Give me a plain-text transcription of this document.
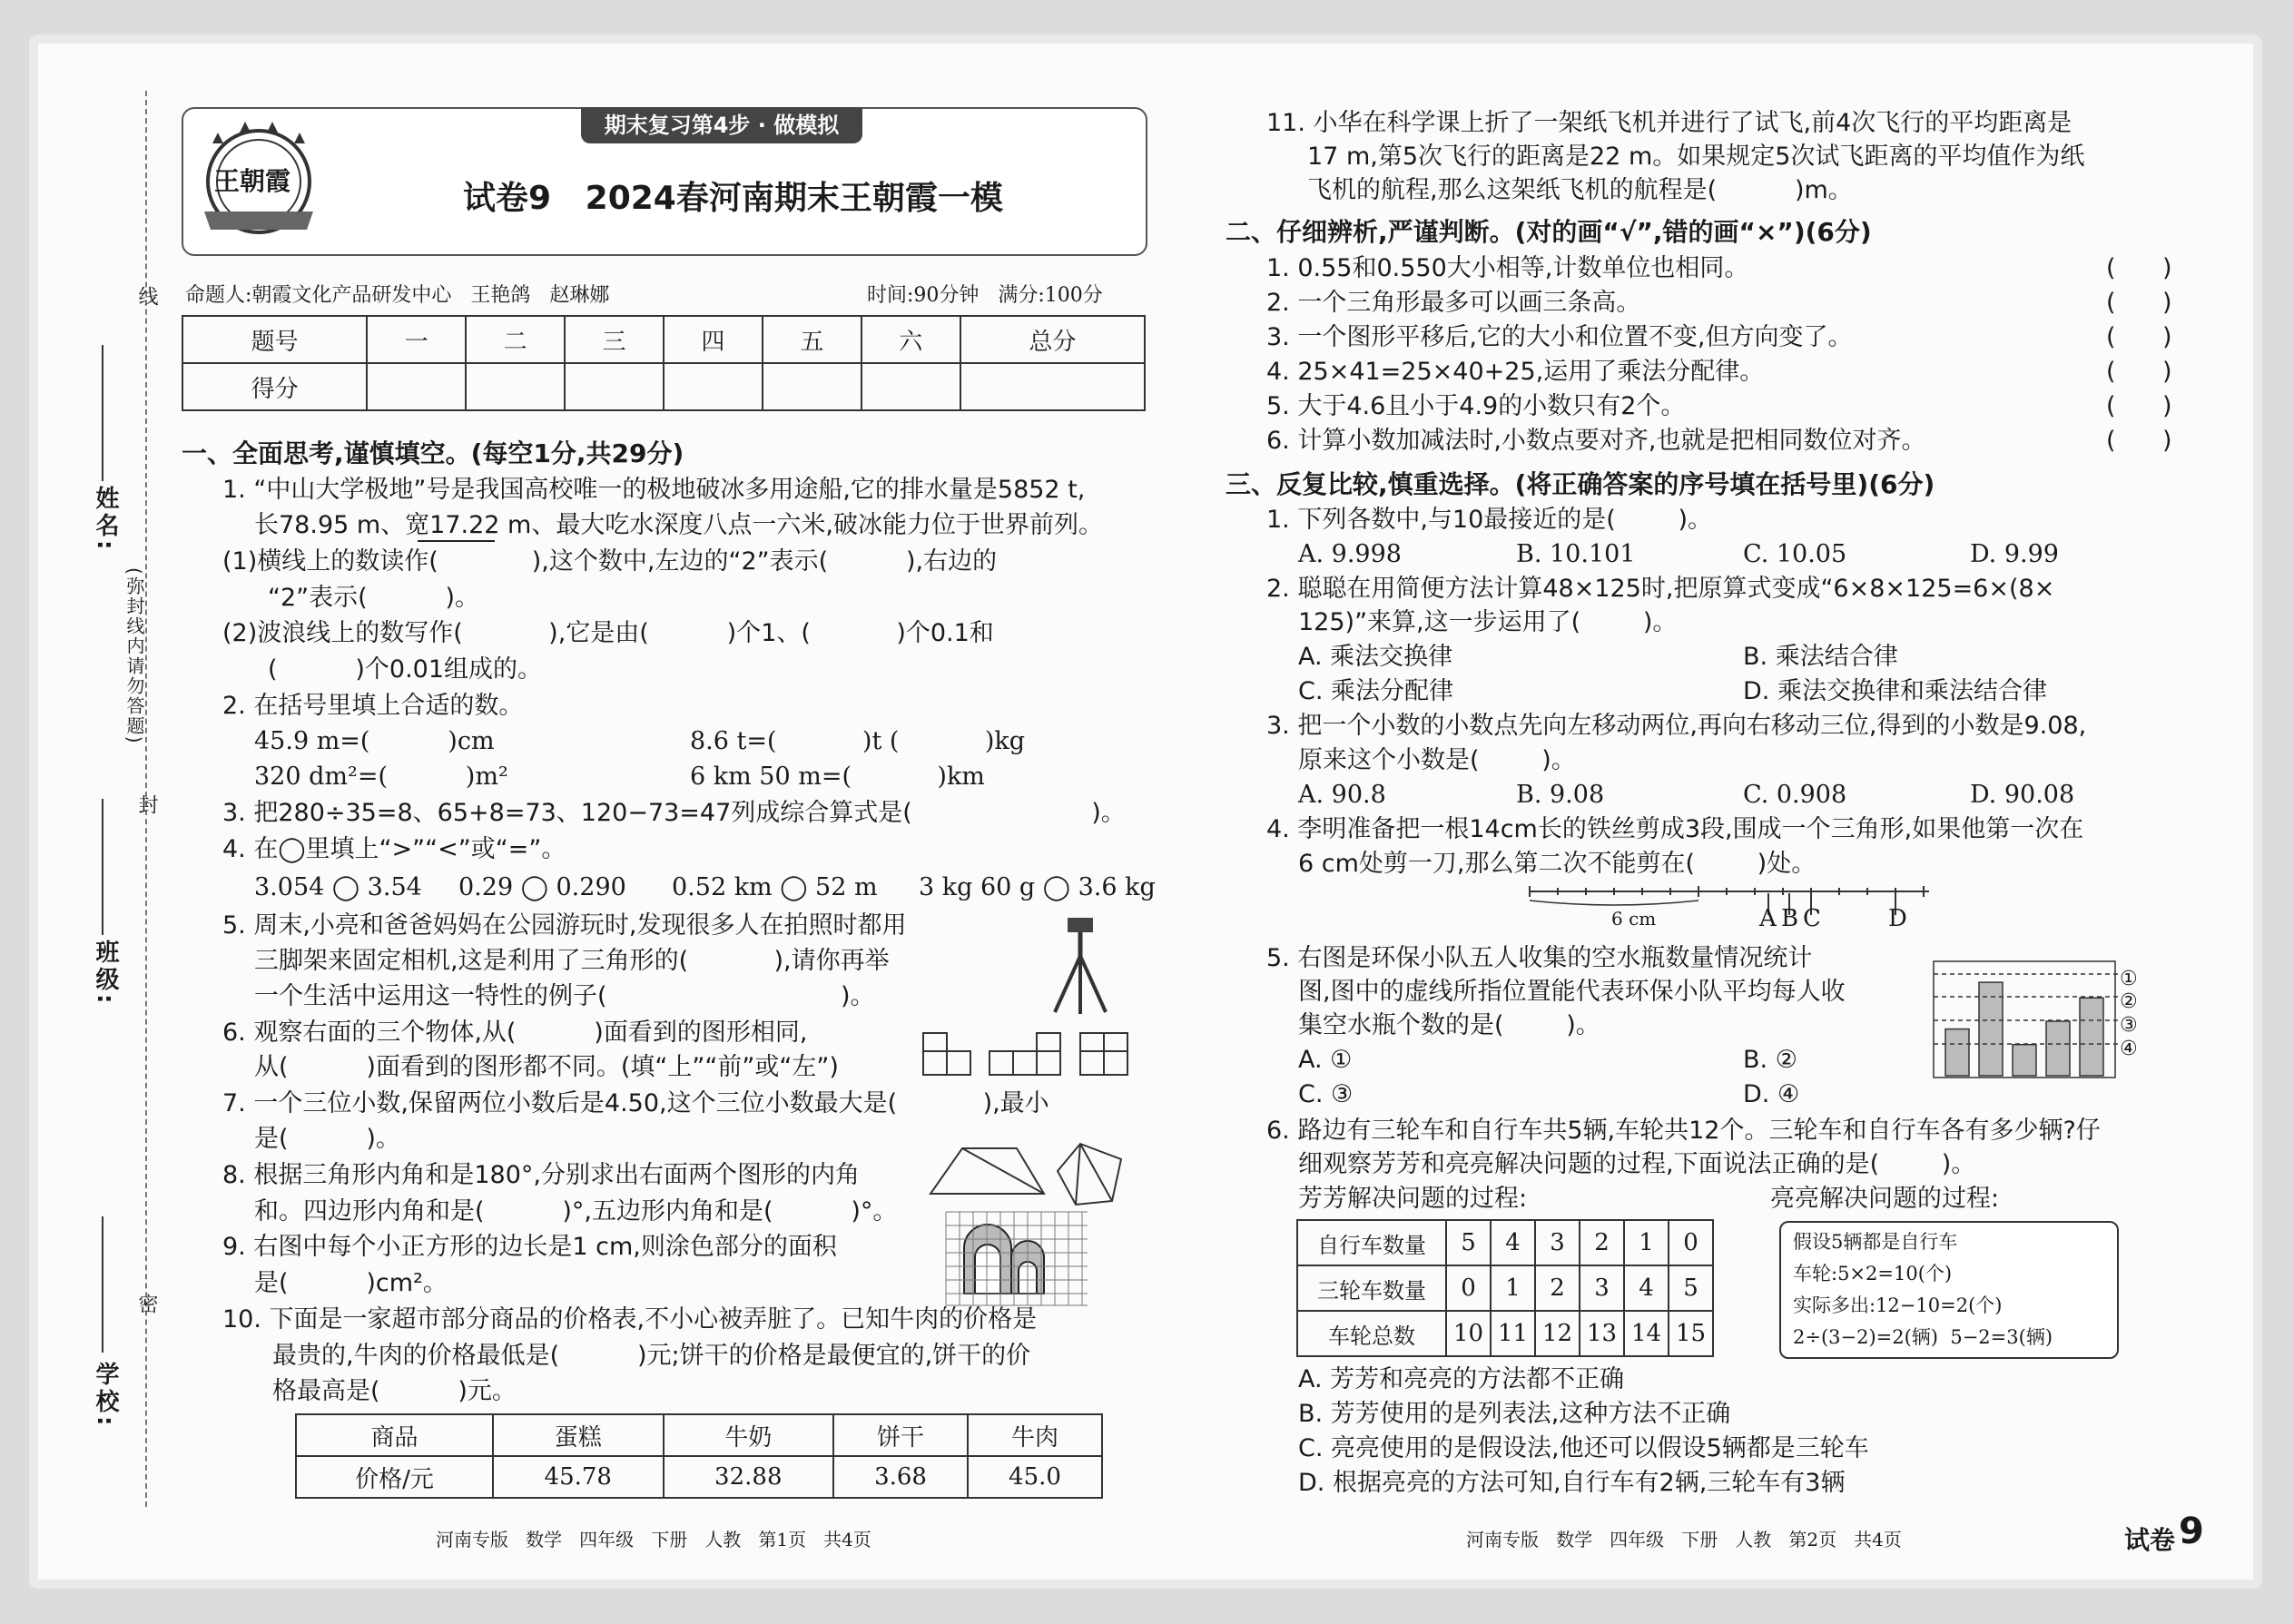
线
封
密
(弥封线内请勿答题)
姓名:
班级:
学校:
期末复习第4步 · 做模拟
王朝霞	试卷9   2024春河南期末王朝霞一模
命题人:朝霞文化产品研发中心   王艳鸽   赵琳娜	时间:90分钟   满分:100分
题号	一	二	三	四	五	六	总分
得分							
一、全面思考,谨慎填空。(每空1分,共29分)
1. “中山大学极地”号是我国高校唯一的极地破冰多用途船,它的排水量是5852 t,
长78.95 m、宽17.22 m、最大吃水深度八点一六米,破冰能力位于世界前列。
(1)横线上的数读作(            ),这个数中,左边的“2”表示(          ),右边的
“2”表示(          )。
(2)波浪线上的数写作(           ),它是由(          )个1、(           )个0.1和
(          )个0.01组成的。
2. 在括号里填上合适的数。
45.9 m=(          )cm	8.6 t=(           )t (           )kg
320 dm²=(          )m²	6 km 50 m=(           )km
3. 把280÷35=8、65+8=73、120−73=47列成综合算式是(                       )。
4. 在◯里填上“>”“<”或“=”。
3.054 ◯ 3.54 0.29 ◯ 0.290 0.52 km ◯ 52 m 3 kg 60 g ◯ 3.6 kg
5. 周末,小亮和爸爸妈妈在公园游玩时,发现很多人在拍照时都用
三脚架来固定相机,这是利用了三角形的(           ),请你再举
一个生活中运用这一特性的例子(                              )。
6. 观察右面的三个物体,从(          )面看到的图形相同,
从(          )面看到的图形都不同。(填“上”“前”或“左”)
7. 一个三位小数,保留两位小数后是4.50,这个三位小数最大是(           ),最小
是(          )。
8. 根据三角形内角和是180°,分别求出右面两个图形的内角
和。四边形内角和是(          )°,五边形内角和是(          )°。
9. 右图中每个小正方形的边长是1 cm,则涂色部分的面积
是(          )cm²。
10. 下面是一家超市部分商品的价格表,不小心被弄脏了。已知牛肉的价格是
最贵的,牛肉的价格最低是(          )元;饼干的价格是最便宜的,饼干的价
格最高是(          )元。
商品	蛋糕	牛奶	饼干	牛肉
价格/元	45.78	32.88	3.68	45.0
河南专版   数学   四年级   下册   人教   第1页   共4页
11. 小华在科学课上折了一架纸飞机并进行了试飞,前4次飞行的平均距离是
17 m,第5次飞行的距离是22 m。如果规定5次试飞距离的平均值作为纸
飞机的航程,那么这架纸飞机的航程是(          )m。
二、仔细辨析,严谨判断。(对的画“√”,错的画“×”)(6分)
1. 0.55和0.550大小相等,计数单位也相同。
2. 一个三角形最多可以画三条高。
3. 一个图形平移后,它的大小和位置不变,但方向变了。
4. 25×41=25×40+25,运用了乘法分配律。
5. 大于4.6且小于4.9的小数只有2个。
6. 计算小数加减法时,小数点要对齐,也就是把相同数位对齐。
(      )
(      )
(      )
(      )
(      )
(      )
三、反复比较,慎重选择。(将正确答案的序号填在括号里)(6分)
1. 下列各数中,与10最接近的是(        )。
A. 9.998	B. 10.101	C. 10.05	D. 9.99
2. 聪聪在用简便方法计算48×125时,把原算式变成“6×8×125=6×(8×
125)”来算,这一步运用了(        )。
A. 乘法交换律	B. 乘法结合律
C. 乘法分配律	D. 乘法交换律和乘法结合律
3. 把一个小数的小数点先向左移动两位,再向右移动三位,得到的小数是9.08,
原来这个小数是(        )。
A. 90.8	B. 9.08	C. 0.908	D. 90.08
4. 李明准备把一根14cm长的铁丝剪成3段,围成一个三角形,如果他第一次在
6 cm处剪一刀,那么第二次不能剪在(        )处。
6 cm	A B C	D
5. 右图是环保小队五人收集的空水瓶数量情况统计
图,图中的虚线所指位置能代表环保小队平均每人收
集空水瓶个数的是(        )。
A. ①	B. ②
C. ③	D. ④
①
②
③
④
6. 路边有三轮车和自行车共5辆,车轮共12个。三轮车和自行车各有多少辆?仔
细观察芳芳和亮亮解决问题的过程,下面说法正确的是(        )。
芳芳解决问题的过程:	亮亮解决问题的过程:
自行车数量	5	4	3	2	1	0
三轮车数量	0	1	2	3	4	5
车轮总数	10	11	12	13	14	15
假设5辆都是自行车
车轮:5×2=10(个)
实际多出:12−10=2(个)
2÷(3−2)=2(辆)  5−2=3(辆)
A. 芳芳和亮亮的方法都不正确
B. 芳芳使用的是列表法,这种方法不正确
C. 亮亮使用的是假设法,他还可以假设5辆都是三轮车
D. 根据亮亮的方法可知,自行车有2辆,三轮车有3辆
河南专版   数学   四年级   下册   人教   第2页   共4页	试卷 9
